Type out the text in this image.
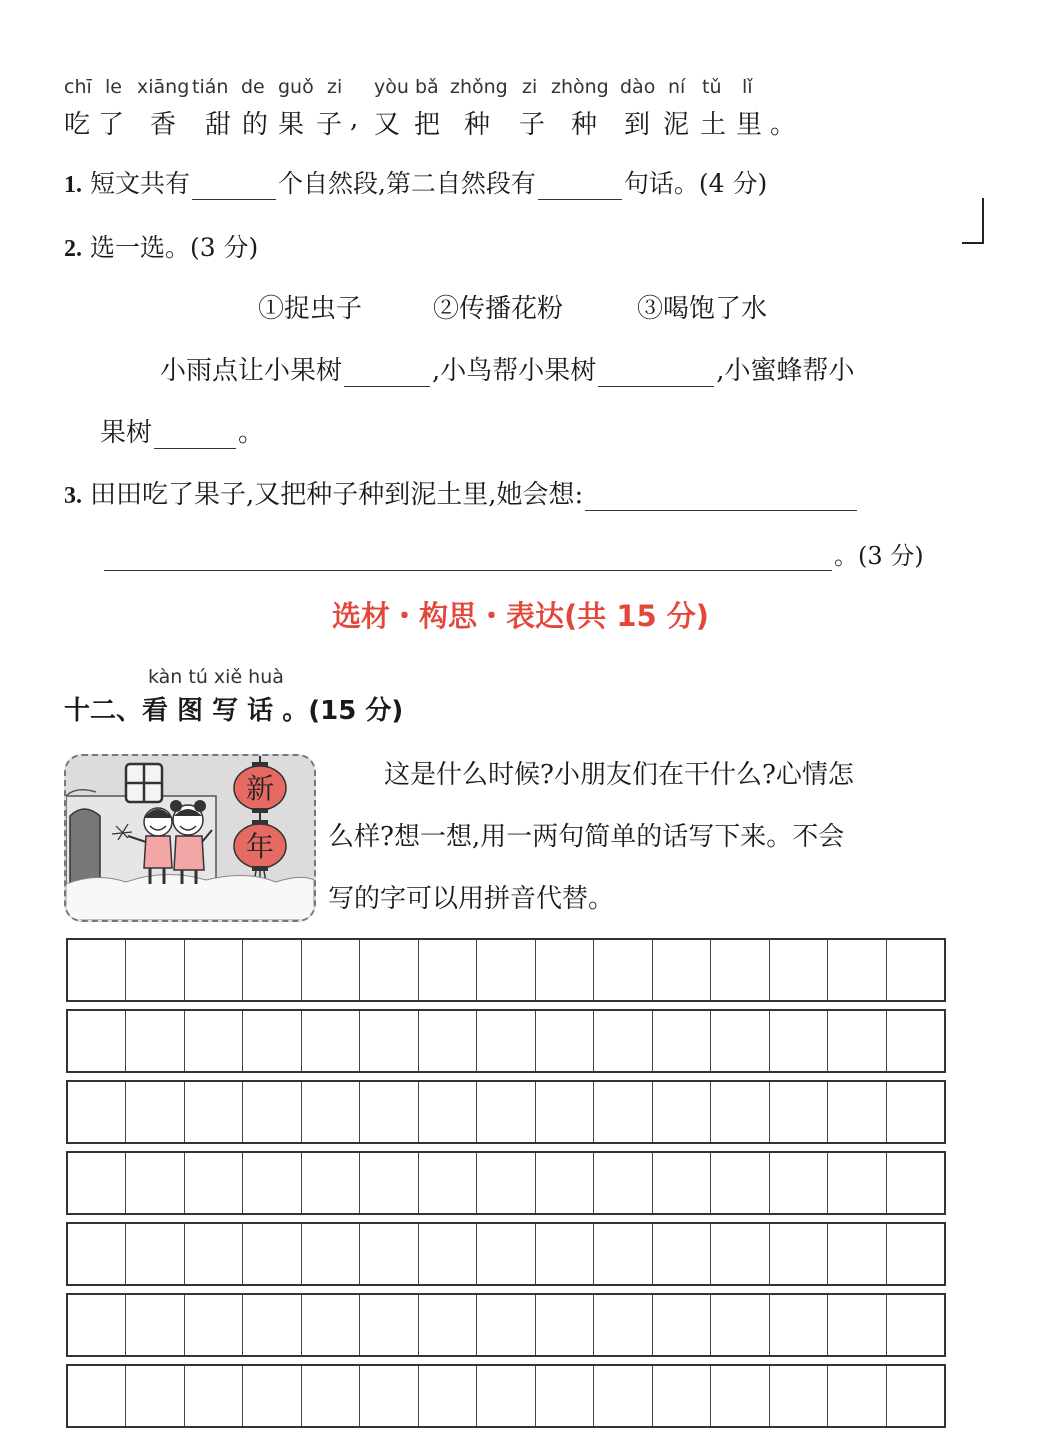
chī le xiāng tián de guǒ zi yòu bǎ zhǒng zi zhòng dào ní tǔ lǐ
吃 了 香 甜 的 果 子 , 又 把 种 子 种 到 泥 土 里 。
1. 短文共有	个自然段,第二自然段有	句话。(4 分)
2. 选一选。(3 分)
①捉虫子	②传播花粉	③喝饱了水
小雨点让小果树	,小鸟帮小果树	,小蜜蜂帮小
果树	。
3. 田田吃了果子,又把种子种到泥土里,她会想:
。(3 分)
选材・构思・表达(共 15 分)
kàn tú xiě huà
十二、看 图 写 话 。(15 分)
新
年
这是什么时候?小朋友们在干什么?心情怎
么样?想一想,用一两句简单的话写下来。不会
写的字可以用拼音代替。
